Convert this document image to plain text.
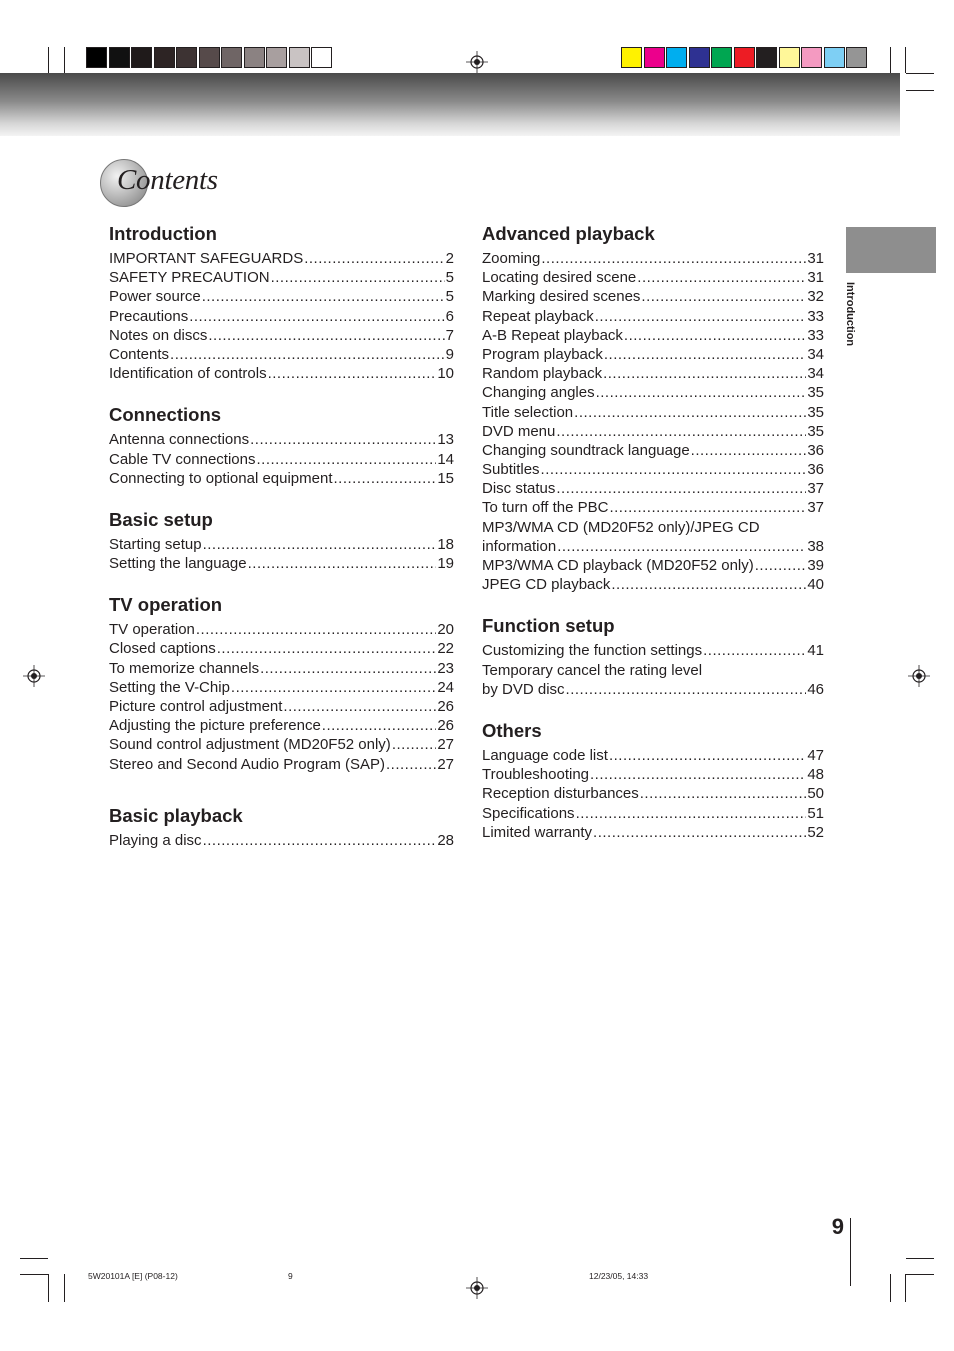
Contents
Introduction
Introduction
IMPORTANT SAFEGUARDS .....	2
SAFETY PRECAUTION .....	5
Power source .....	5
Precautions .....	6
Notes on discs .....	7
Contents .....	9
Identification of controls .....	10
Connections
Antenna connections .....	13
Cable TV connections .....	14
Connecting to optional equipment .....	15
Basic setup
Starting setup .....	18
Setting the language .....	19
TV operation
TV operation .....	20
Closed captions .....	22
To memorize channels .....	23
Setting the V-Chip .....	24
Picture control adjustment .....	26
Adjusting the picture preference .....	26
Sound control adjustment (MD20F52 only) .....	27
Stereo and Second Audio Program (SAP) .....	27
Basic playback
Playing a disc .....	28
Advanced playback
Zooming .....	31
Locating desired scene .....	31
Marking desired scenes .....	32
Repeat playback .....	33
A-B Repeat playback .....	33
Program playback .....	34
Random playback .....	34
Changing angles .....	35
Title selection .....	35
DVD menu .....	35
Changing soundtrack language .....	36
Subtitles .....	36
Disc status .....	37
To turn off the PBC .....	37
MP3/WMA CD (MD20F52 only)/JPEG CD
information .....	38
MP3/WMA CD playback (MD20F52 only) .....	39
JPEG CD playback .....	40
Function setup
Customizing the function settings .....	41
Temporary cancel the rating level
by DVD disc .....	46
Others
Language code list .....	47
Troubleshooting .....	48
Reception disturbances .....	50
Specifications .....	51
Limited warranty .....	52
9
5W20101A [E] (P08-12)	9	12/23/05, 14:33
